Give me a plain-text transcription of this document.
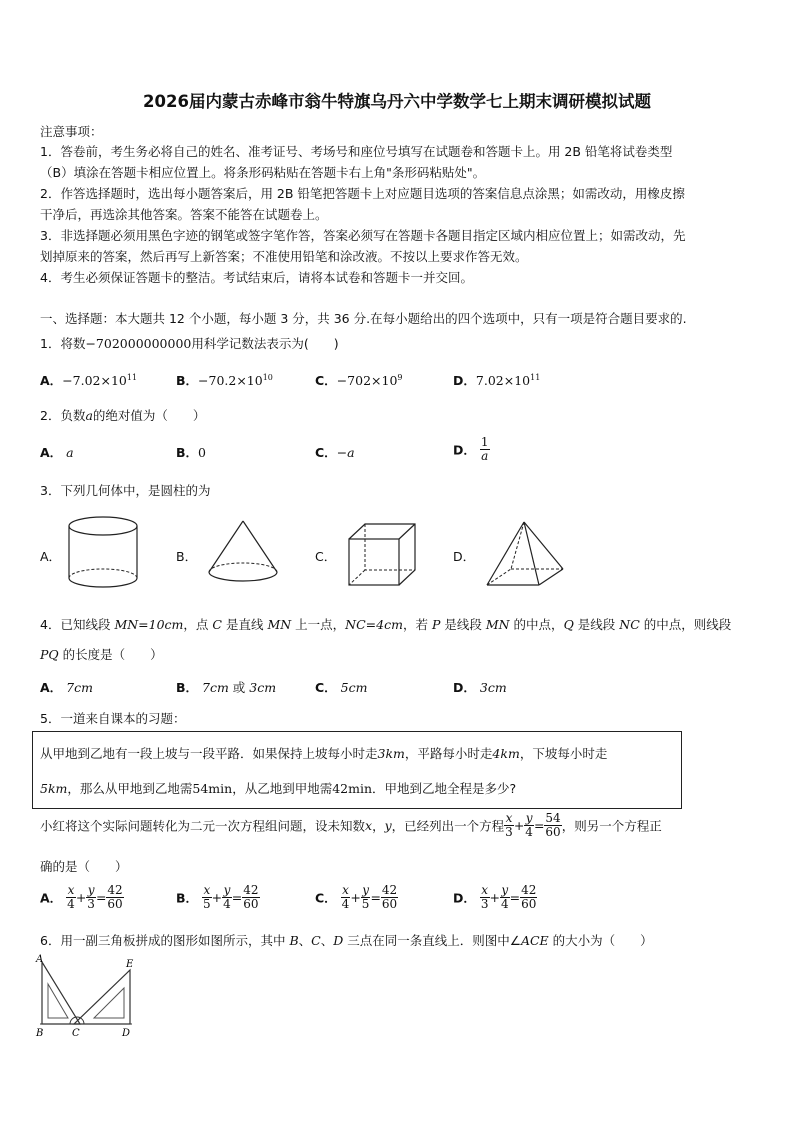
2026届内蒙古赤峰市翁牛特旗乌丹六中学数学七上期末调研模拟试题
注意事项：
1．答卷前，考生务必将自己的姓名、准考证号、考场号和座位号填写在试题卷和答题卡上。用 2B 铅笔将试卷类型
（B）填涂在答题卡相应位置上。将条形码粘贴在答题卡右上角"条形码粘贴处"。
2．作答选择题时，选出每小题答案后，用 2B 铅笔把答题卡上对应题目选项的答案信息点涂黑；如需改动，用橡皮擦
干净后，再选涂其他答案。答案不能答在试题卷上。
3．非选择题必须用黑色字迹的钢笔或签字笔作答，答案必须写在答题卡各题目指定区域内相应位置上；如需改动，先
划掉原来的答案，然后再写上新答案；不准使用铅笔和涂改液。不按以上要求作答无效。
4．考生必须保证答题卡的整洁。考试结束后，请将本试卷和答题卡一并交回。
一、选择题：本大题共 12 个小题，每小题 3 分，共 36 分.在每小题给出的四个选项中，只有一项是符合题目要求的.
1．将数−702000000000用科学记数法表示为(　　)
A．$-7.02\times 10^{11}$	B．$-70.2\times 10^{10}$	C．$-702\times 10^9$	D．$7.02\times 10^{11}$
2．负数a的绝对值为（　　）
A． a	B．0	C．−a	D． $\frac{1}{a}$
3．下列几何体中，是圆柱的为
A．	B．	C．	D．
4．已知线段 MN=10cm，点 C 是直线 MN 上一点，NC=4cm，若 P 是线段 MN 的中点，Q 是线段 NC 的中点，则线段
PQ 的长度是（　　）
A． 7cm	B． 7cm 或 3cm	C． 5cm	D． 3cm
5．一道来自课本的习题：
从甲地到乙地有一段上坡与一段平路．如果保持上坡每小时走3km，平路每小时走4km，下坡每小时走
5km，那么从甲地到乙地需54min，从乙地到甲地需42min．甲地到乙地全程是多少?
小红将这个实际问题转化为二元一次方程组问题，设未知数x，y，已经列出一个方程 $\frac{x}{3} + \frac{y}{4} = \frac{54}{60}$ ，则另一个方程正
确的是（　　）
A． $\frac{x}{4} + \frac{y}{3} = \frac{42}{60}$	B． $\frac{x}{5} + \frac{y}{4} = \frac{42}{60}$	C． $\frac{x}{4} + \frac{y}{5} = \frac{42}{60}$	D． $\frac{x}{3} + \frac{y}{4} = \frac{42}{60}$
6．用一副三角板拼成的图形如图所示，其中 B、C、D 三点在同一条直线上．则图中∠ACE 的大小为（　　）
A	E
B	C	D
